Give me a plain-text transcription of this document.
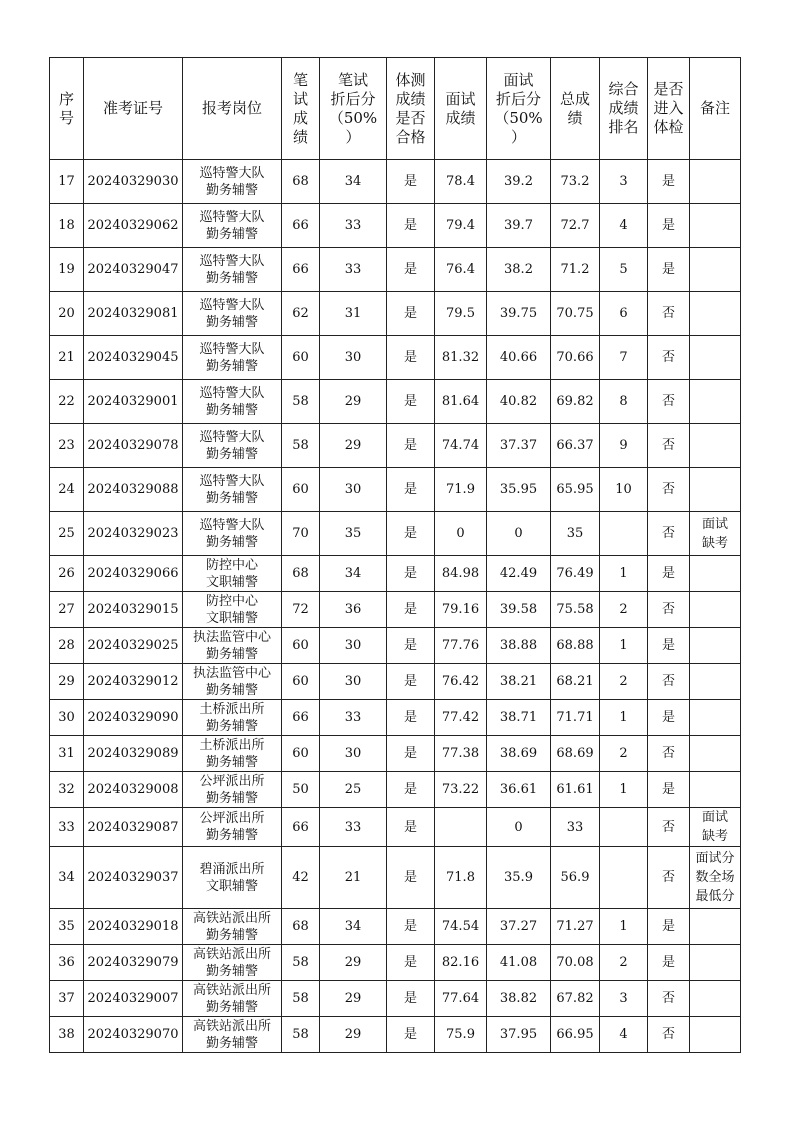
序
号	准考证号	报考岗位	笔
试
成
绩	笔试
折后分
（50%
）	体测
成绩
是否
合格	面试
成绩	面试
折后分
（50%
）	总成
绩	综合
成绩
排名	是否
进入
体检	备注
17	20240329030	巡特警大队
勤务辅警	68	34	是	78.4	39.2	73.2	3	是	
18	20240329062	巡特警大队
勤务辅警	66	33	是	79.4	39.7	72.7	4	是	
19	20240329047	巡特警大队
勤务辅警	66	33	是	76.4	38.2	71.2	5	是	
20	20240329081	巡特警大队
勤务辅警	62	31	是	79.5	39.75	70.75	6	否	
21	20240329045	巡特警大队
勤务辅警	60	30	是	81.32	40.66	70.66	7	否	
22	20240329001	巡特警大队
勤务辅警	58	29	是	81.64	40.82	69.82	8	否	
23	20240329078	巡特警大队
勤务辅警	58	29	是	74.74	37.37	66.37	9	否	
24	20240329088	巡特警大队
勤务辅警	60	30	是	71.9	35.95	65.95	10	否	
25	20240329023	巡特警大队
勤务辅警	70	35	是	0	0	35		否	面试
缺考
26	20240329066	防控中心
文职辅警	68	34	是	84.98	42.49	76.49	1	是	
27	20240329015	防控中心
文职辅警	72	36	是	79.16	39.58	75.58	2	否	
28	20240329025	执法监管中心
勤务辅警	60	30	是	77.76	38.88	68.88	1	是	
29	20240329012	执法监管中心
勤务辅警	60	30	是	76.42	38.21	68.21	2	否	
30	20240329090	土桥派出所
勤务辅警	66	33	是	77.42	38.71	71.71	1	是	
31	20240329089	土桥派出所
勤务辅警	60	30	是	77.38	38.69	68.69	2	否	
32	20240329008	公坪派出所
勤务辅警	50	25	是	73.22	36.61	61.61	1	是	
33	20240329087	公坪派出所
勤务辅警	66	33	是		0	33		否	面试
缺考
34	20240329037	碧涌派出所
文职辅警	42	21	是	71.8	35.9	56.9		否	面试分
数全场
最低分
35	20240329018	高铁站派出所
勤务辅警	68	34	是	74.54	37.27	71.27	1	是	
36	20240329079	高铁站派出所
勤务辅警	58	29	是	82.16	41.08	70.08	2	是	
37	20240329007	高铁站派出所
勤务辅警	58	29	是	77.64	38.82	67.82	3	否	
38	20240329070	高铁站派出所
勤务辅警	58	29	是	75.9	37.95	66.95	4	否	
